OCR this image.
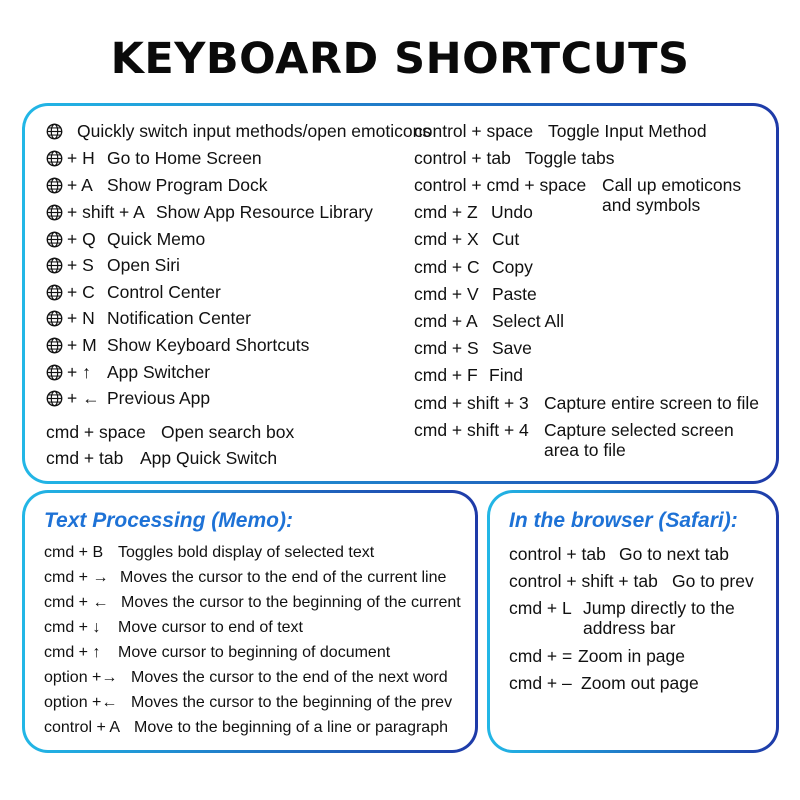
KEYBOARD SHORTCUTS
Quickly switch input methods/open emoticons
+ H Go to Home Screen
+ A Show Program Dock
+ shift + A Show App Resource Library
+ Q Quick Memo
+ S Open Siri
+ C Control Center
+ N Notification Center
+ M Show Keyboard Shortcuts
+ ↑ App Switcher
+ ← Previous App
cmd + space Open search box
cmd + tab App Quick Switch
control + space Toggle Input Method
control + tab Toggle tabs
control + cmd + space Call up emoticons
and symbols
cmd + Z Undo
cmd + X Cut
cmd + C Copy
cmd + V Paste
cmd + A Select All
cmd + S Save
cmd + F Find
cmd + shift + 3 Capture entire screen to file
cmd + shift + 4 Capture selected screen
area to file
Text Processing (Memo):
cmd + B Toggles bold display of selected text
cmd + → Moves the cursor to the end of the current line
cmd + ← Moves the cursor to the beginning of the current
cmd + ↓ Move cursor to end of text
cmd + ↑ Move cursor to beginning of document
option +→ Moves the cursor to the end of the next word
option +← Moves the cursor to the beginning of the prev
control + A Move to the beginning of a line or paragraph
In the browser (Safari):
control + tab Go to next tab
control + shift + tab Go to prev
cmd + L Jump directly to the
address bar
cmd + = Zoom in page
cmd + – Zoom out page
